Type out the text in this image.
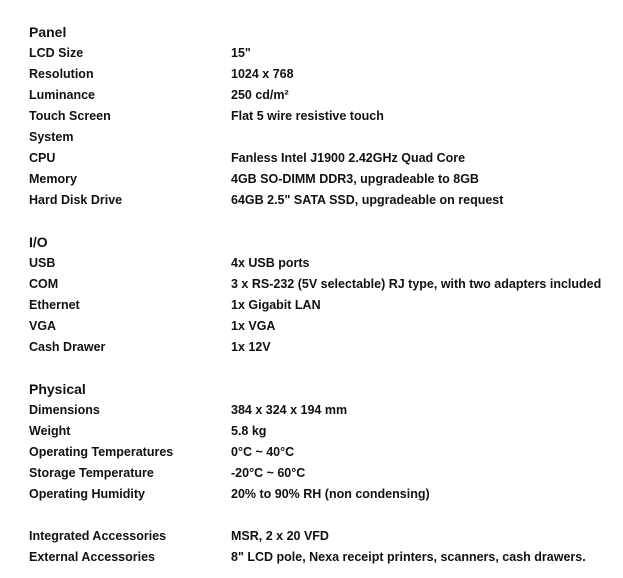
Panel
LCD Size	15"
Resolution	1024 x 768
Luminance	250 cd/m²
Touch Screen	Flat 5 wire resistive touch
System
CPU	Fanless Intel J1900 2.42GHz Quad Core
Memory	4GB SO-DIMM DDR3, upgradeable to 8GB
Hard Disk Drive	64GB 2.5" SATA SSD, upgradeable on request
I/O
USB	4x USB ports
COM	3 x RS-232 (5V selectable) RJ type, with two adapters included
Ethernet	1x Gigabit LAN
VGA	1x VGA
Cash Drawer	1x 12V
Physical
Dimensions	384 x 324 x 194 mm
Weight	5.8 kg
Operating Temperatures	0°C ~ 40°C
Storage Temperature	-20°C ~ 60°C
Operating Humidity	20% to 90% RH (non condensing)
Integrated Accessories	MSR, 2 x 20 VFD
External Accessories	8" LCD pole, Nexa receipt printers, scanners, cash drawers.
